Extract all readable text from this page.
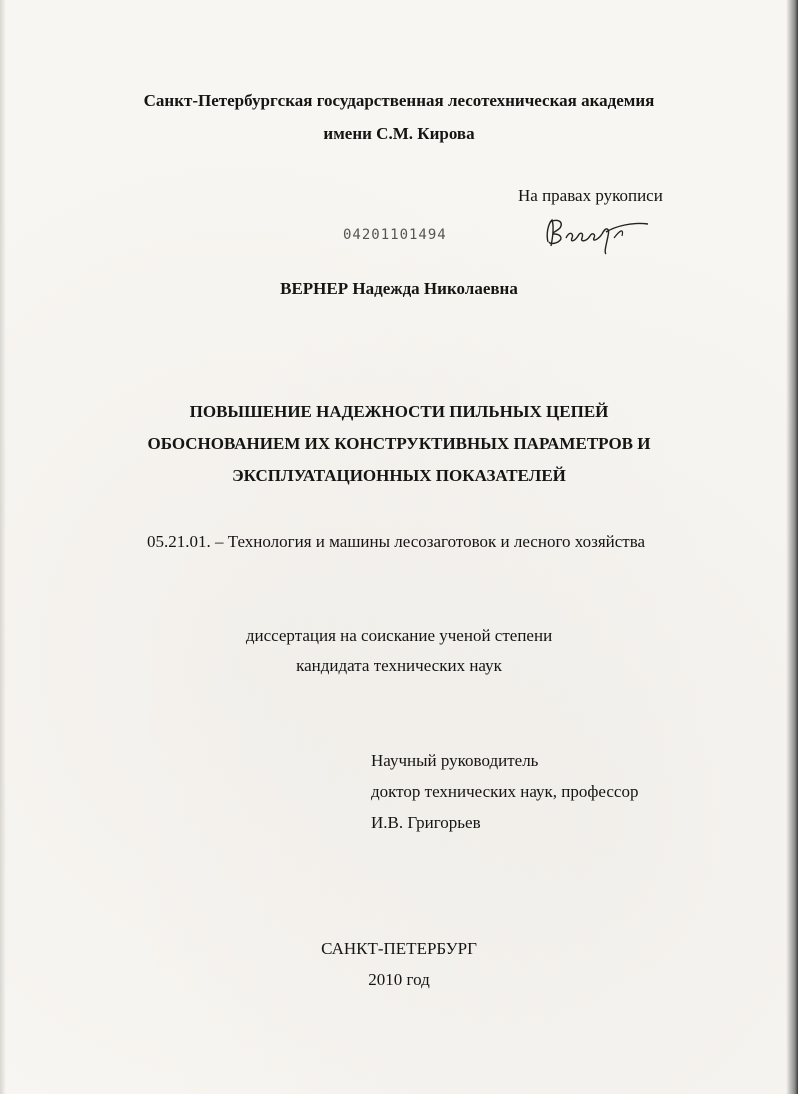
Санкт-Петербургская государственная лесотехническая академия
имени С.М. Кирова
На правах рукописи
04201101494
ВЕРНЕР Надежда Николаевна
ПОВЫШЕНИЕ НАДЕЖНОСТИ ПИЛЬНЫХ ЦЕПЕЙ
ОБОСНОВАНИЕМ ИХ КОНСТРУКТИВНЫХ ПАРАМЕТРОВ И
ЭКСПЛУАТАЦИОННЫХ ПОКАЗАТЕЛЕЙ
05.21.01. – Технология и машины лесозаготовок и лесного хозяйства
диссертация на соискание ученой степени
кандидата технических наук
Научный руководитель
доктор технических наук, профессор
И.В. Григорьев
САНКТ-ПЕТЕРБУРГ
2010 год
